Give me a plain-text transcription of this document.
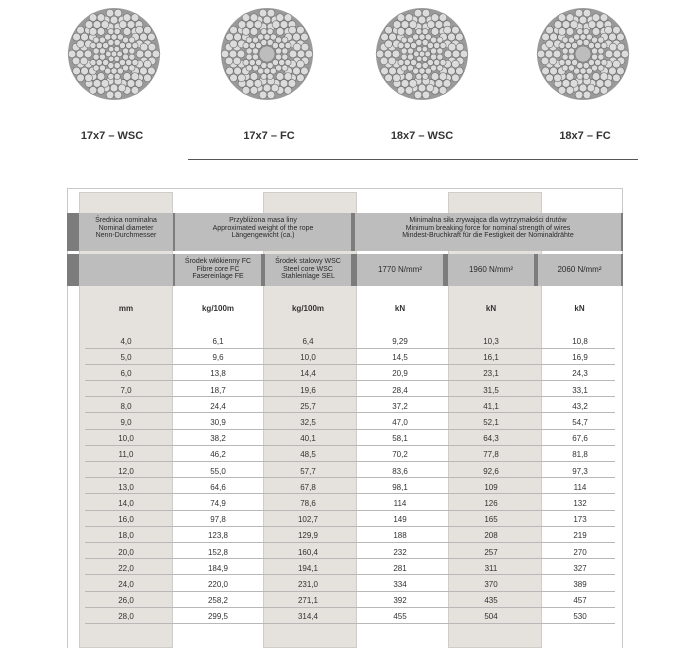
17x7 – WSC	17x7 – FC	18x7 – WSC	18x7 – FC
Średnica nominalna
Nominal diameter
Nenn-Durchmesser
Przybliżona masa liny
Approximated weight of the rope
Längengewicht (ca.)
Minimalna siła zrywająca dla wytrzymałości drutów
Minimum breaking force for nominal strength of wires
Mindest-Bruchkraft für die Festigkeit der Nominaldrähte
Środek włókienny FC
Fibre core FC
Fasereinlage FE
Środek stalowy WSC
Steel core WSC
Stahleinlage SEL
1770 N/mm²	1960 N/mm²	2060 N/mm²
mm	kg/100m	kg/100m	kN	kN	kN
4,0	6,1	6,4	9,29	10,3	10,8
5,0	9,6	10,0	14,5	16,1	16,9
6,0	13,8	14,4	20,9	23,1	24,3
7,0	18,7	19,6	28,4	31,5	33,1
8,0	24,4	25,7	37,2	41,1	43,2
9,0	30,9	32,5	47,0	52,1	54,7
10,0	38,2	40,1	58,1	64,3	67,6
11,0	46,2	48,5	70,2	77,8	81,8
12,0	55,0	57,7	83,6	92,6	97,3
13,0	64,6	67,8	98,1	109	114
14,0	74,9	78,6	114	126	132
16,0	97,8	102,7	149	165	173
18,0	123,8	129,9	188	208	219
20,0	152,8	160,4	232	257	270
22,0	184,9	194,1	281	311	327
24,0	220,0	231,0	334	370	389
26,0	258,2	271,1	392	435	457
28,0	299,5	314,4	455	504	530
